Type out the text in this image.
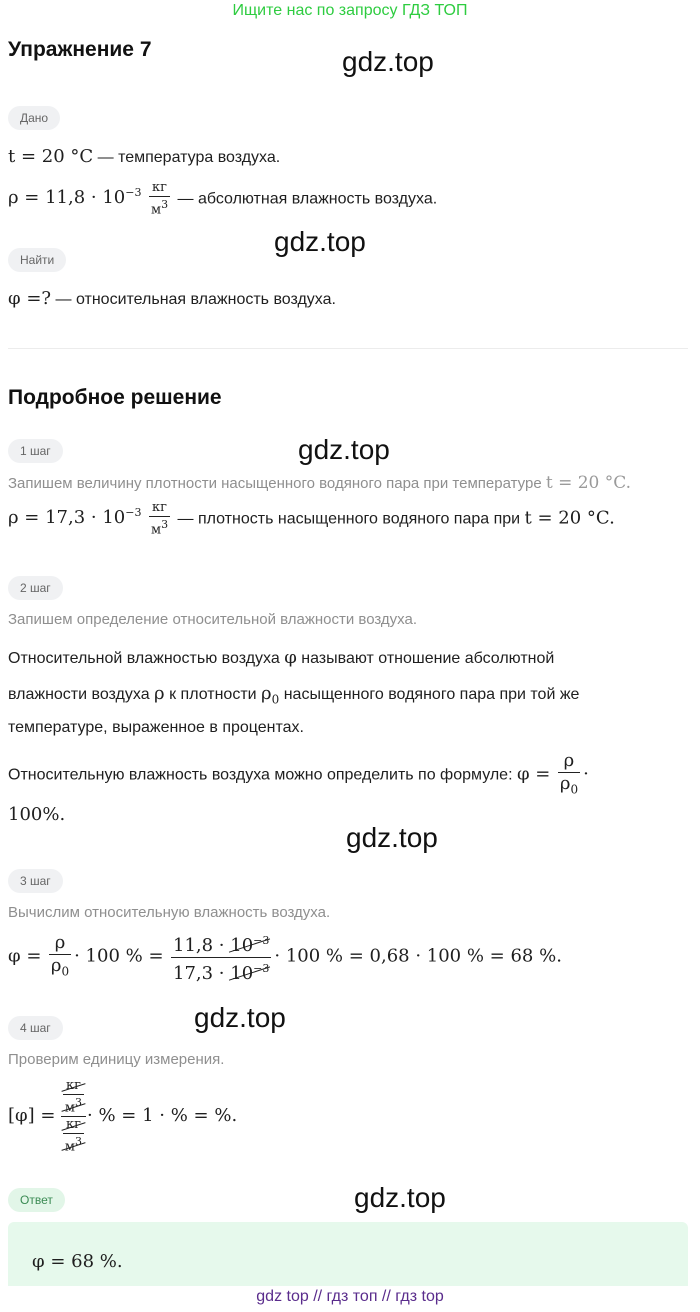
Ищите нас по запросу ГДЗ ТОП
Упражнение 7	gdz.top
Дано
t = 20 °C — температура воздуха.
$\rho = 11,8 \cdot 10^{-3} \frac{кг}{м^3}$ — абсолютная влажность воздуха.
gdz.top
Найти
φ =? — относительная влажность воздуха.
Подробное решение
1 шаг	gdz.top
Запишем величину плотности насыщенного водяного пара при температуре t = 20 °C.
$\rho = 17,3 \cdot 10^{-3} \frac{кг}{м^3}$ — плотность насыщенного водяного пара при t = 20 °C.
2 шаг
Запишем определение относительной влажности воздуха.
Относительной влажностью воздуха φ называют отношение абсолютной
влажности воздуха ρ к плотности $\rho_0$ насыщенного водяного пара при той же
температуре, выраженное в процентах.
Относительную влажность воздуха можно определить по формуле: $\varphi = \frac{\rho}{\rho_0}$ ·
100%.
gdz.top
3 шаг
Вычислим относительную влажность воздуха.
$\varphi = \frac{\rho}{\rho_0} \cdot 100$ % = $\frac{11,8 \cdot 10^{-3}}{17,3 \cdot 10^{-3}} \cdot 100$ % = 0,68 · 100 % = 68 %.
4 шаг	gdz.top
Проверим единицу измерения.
$[\varphi] = \frac{\frac{кг}{м^3}}{\frac{кг}{м^3}}$ · % = 1 · % = %.
Ответ	gdz.top
φ = 68 %.
gdz top // гдз топ // гдз top
